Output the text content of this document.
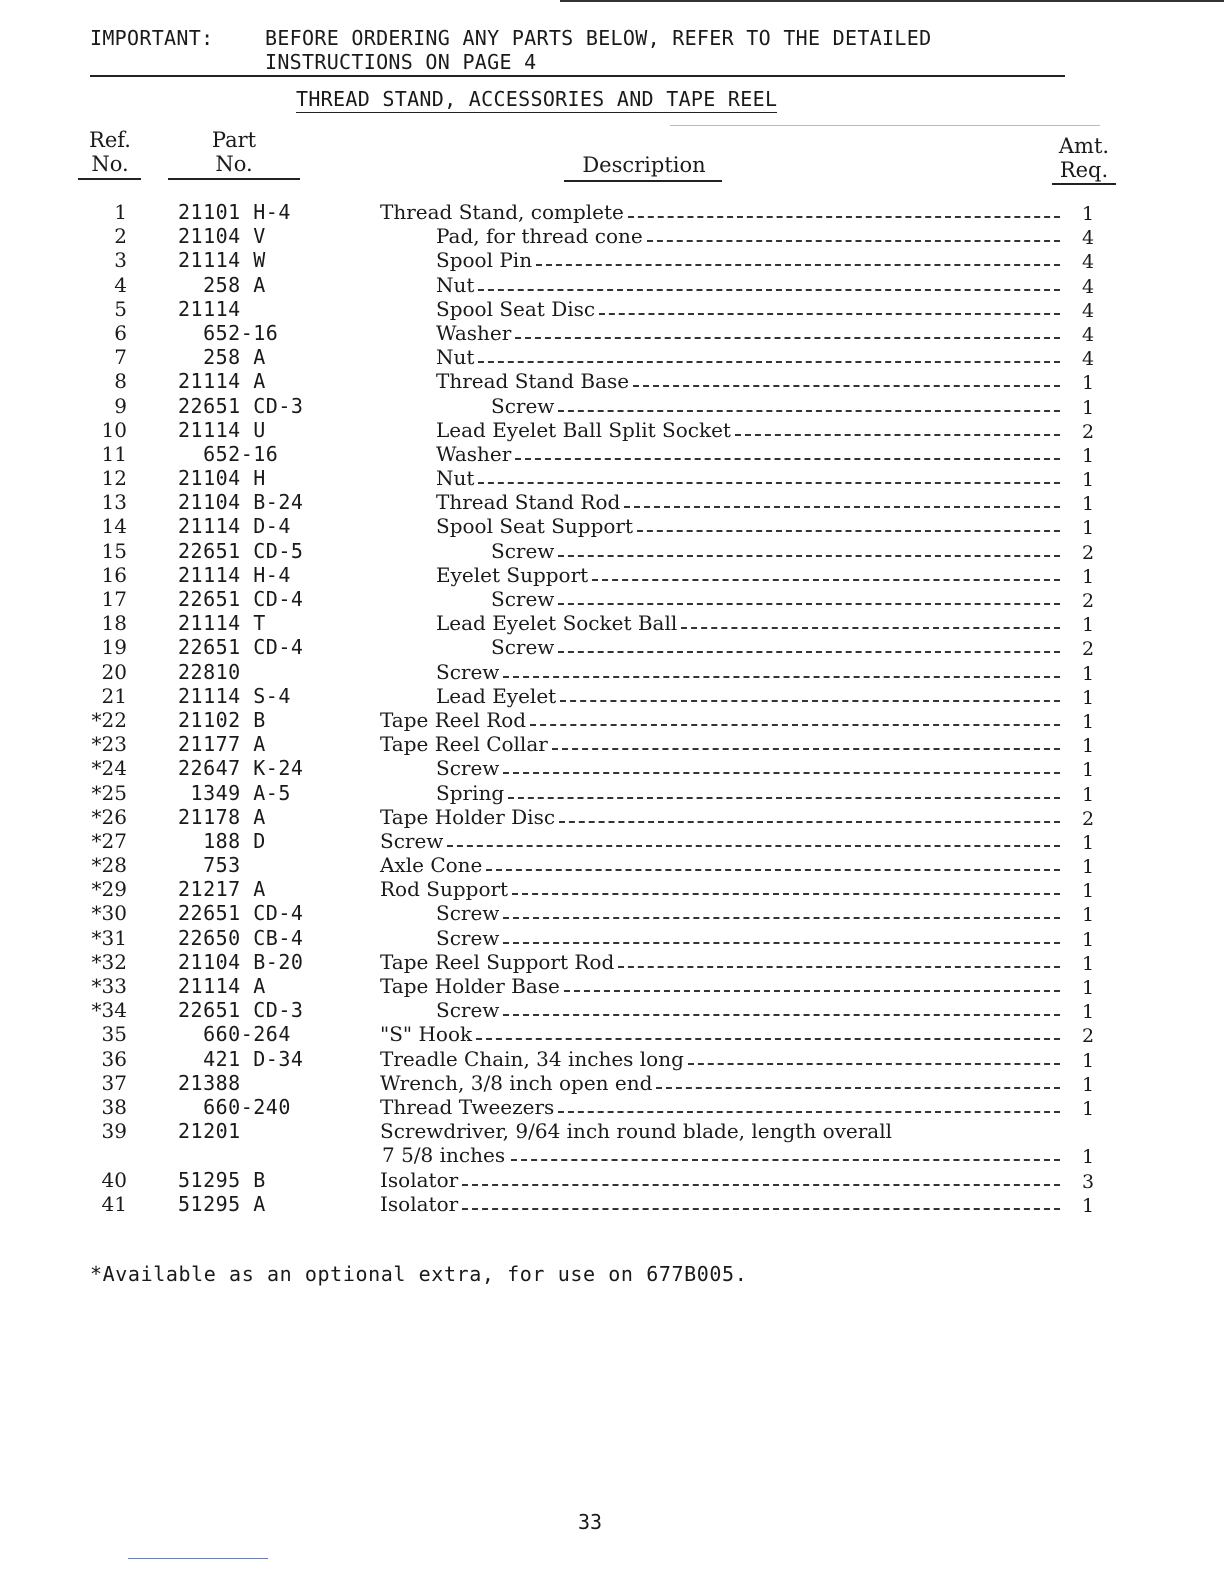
IMPORTANT:	BEFORE ORDERING ANY PARTS BELOW, REFER TO THE DETAILED
INSTRUCTIONS ON PAGE 4
THREAD STAND, ACCESSORIES AND TAPE REEL
Ref.
No.
Part
No.	Description
Amt.
Req.
1	21101 H-4	Thread Stand, complete	1
2	21104 V	Pad, for thread cone	4
3	21114 W	Spool Pin	4
4	258 A	Nut	4
5	21114	Spool Seat Disc	4
6	652-16	Washer	4
7	258 A	Nut	4
8	21114 A	Thread Stand Base	1
9	22651 CD-3	Screw	1
10	21114 U	Lead Eyelet Ball Split Socket	2
11	652-16	Washer	1
12	21104 H	Nut	1
13	21104 B-24	Thread Stand Rod	1
14	21114 D-4	Spool Seat Support	1
15	22651 CD-5	Screw	2
16	21114 H-4	Eyelet Support	1
17	22651 CD-4	Screw	2
18	21114 T	Lead Eyelet Socket Ball	1
19	22651 CD-4	Screw	2
20	22810	Screw	1
21	21114 S-4	Lead Eyelet	1
*22	21102 B	Tape Reel Rod	1
*23	21177 A	Tape Reel Collar	1
*24	22647 K-24	Screw	1
*25	1349 A-5	Spring	1
*26	21178 A	Tape Holder Disc	2
*27	188 D	Screw	1
*28	753	Axle Cone	1
*29	21217 A	Rod Support	1
*30	22651 CD-4	Screw	1
*31	22650 CB-4	Screw	1
*32	21104 B-20	Tape Reel Support Rod	1
*33	21114 A	Tape Holder Base	1
*34	22651 CD-3	Screw	1
35	660-264	"S" Hook	2
36	421 D-34	Treadle Chain, 34 inches long	1
37	21388	Wrench, 3/8 inch open end	1
38	660-240	Thread Tweezers	1
39	21201	Screwdriver, 9/64 inch round blade, length overall
7 5/8 inches	1
40	51295 B	Isolator	3
41	51295 A	Isolator	1
*Available as an optional extra, for use on 677B005.
33
